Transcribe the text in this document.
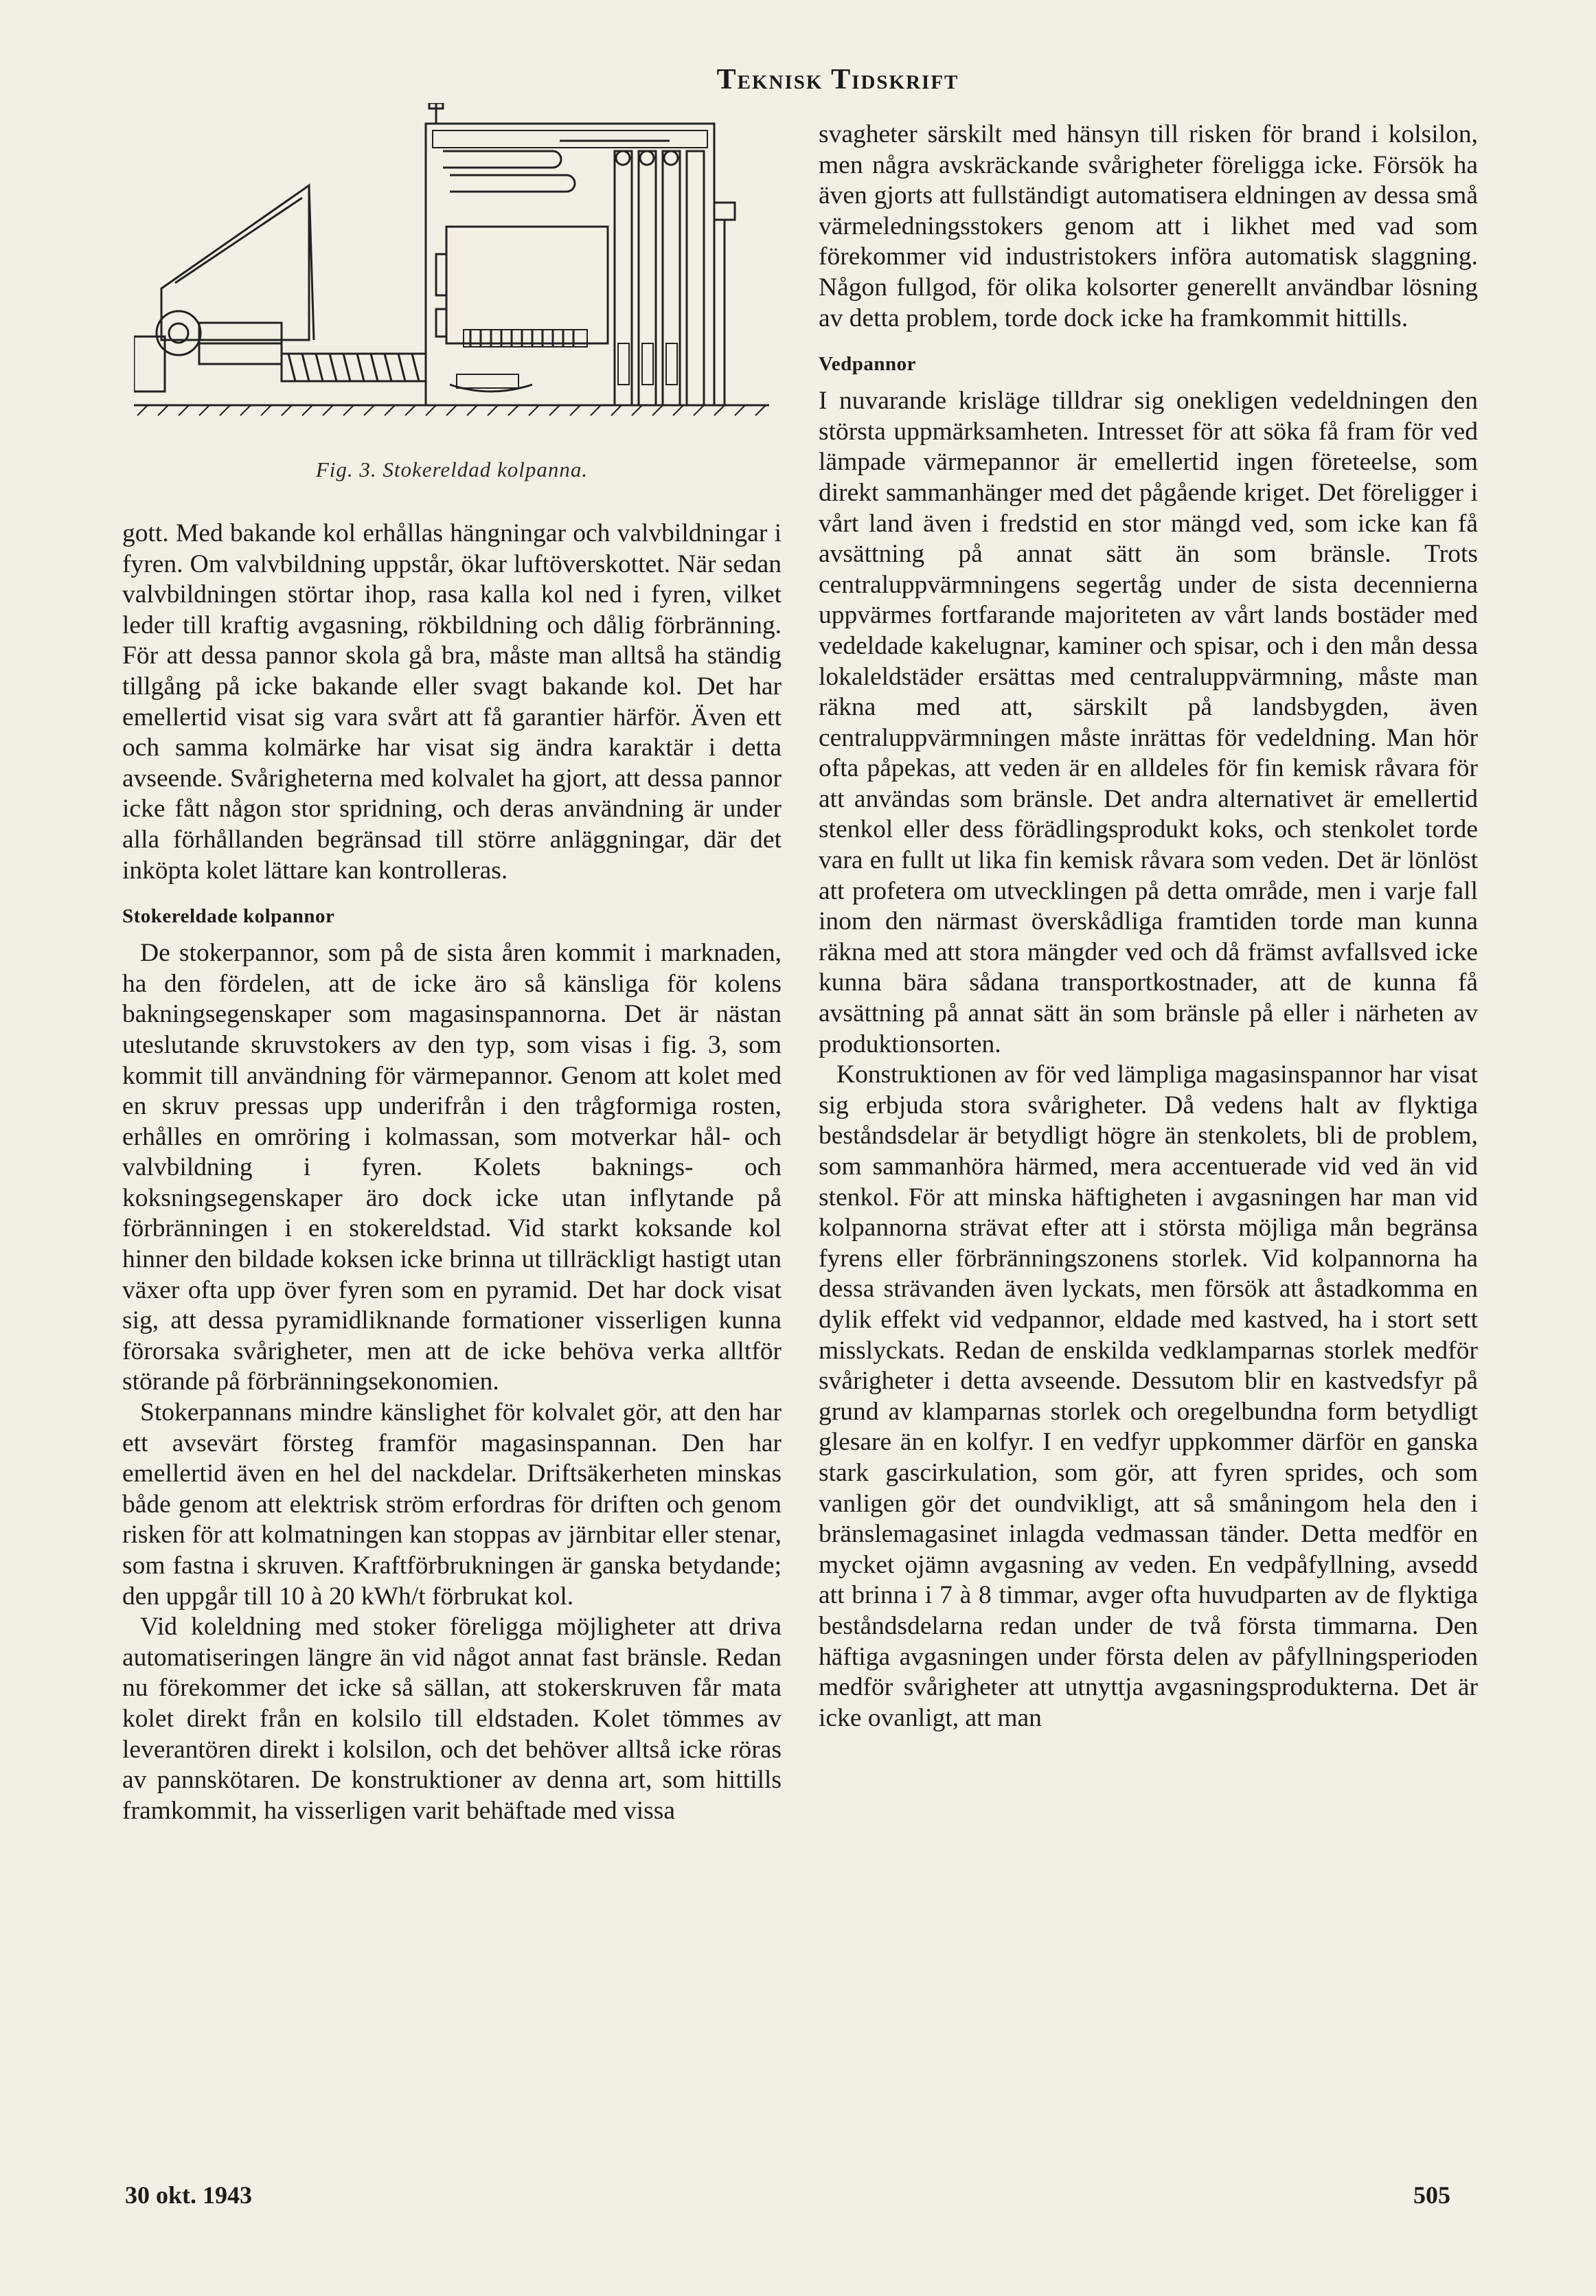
Teknisk Tidskrift
Fig. 3. Stokereldad kolpanna.

gott. Med bakande kol erhållas hängningar och valvbildningar i fyren. Om valvbildning uppstår, ökar luftöverskottet. När sedan valvbildningen störtar ihop, rasa kalla kol ned i fyren, vilket leder till kraftig avgasning, rökbildning och dålig förbränning. För att dessa pannor skola gå bra, måste man alltså ha ständig tillgång på icke bakande eller svagt bakande kol. Det har emellertid visat sig vara svårt att få garantier härför. Även ett och samma kolmärke har visat sig ändra karaktär i detta avseende. Svårigheterna med kolvalet ha gjort, att dessa pannor icke fått någon stor spridning, och deras användning är under alla förhållanden begränsad till större anläggningar, där det inköpta kolet lättare kan kontrolleras.

Stokereldade kolpannor

De stokerpannor, som på de sista åren kommit i marknaden, ha den fördelen, att de icke äro så känsliga för kolens bakningsegenskaper som magasinspannorna. Det är nästan uteslutande skruvstokers av den typ, som visas i fig. 3, som kommit till användning för värmepannor. Genom att kolet med en skruv pressas upp underifrån i den trågformiga rosten, erhålles en omröring i kolmassan, som motverkar hål- och valvbildning i fyren. Kolets baknings- och koksningsegenskaper äro dock icke utan inflytande på förbränningen i en stokereldstad. Vid starkt koksande kol hinner den bildade koksen icke brinna ut tillräckligt hastigt utan växer ofta upp över fyren som en pyramid. Det har dock visat sig, att dessa pyramidliknande formationer visserligen kunna förorsaka svårigheter, men att de icke behöva verka alltför störande på förbränningsekonomien.

Stokerpannans mindre känslighet för kolvalet gör, att den har ett avsevärt försteg framför magasinspannan. Den har emellertid även en hel del nackdelar. Driftsäkerheten minskas både genom att elektrisk ström erfordras för driften och genom risken för att kolmatningen kan stoppas av järnbitar eller stenar, som fastna i skruven. Kraftförbrukningen är ganska betydande; den uppgår till 10 à 20 kWh/t förbrukat kol.

Vid koleldning med stoker föreligga möjligheter att driva automatiseringen längre än vid något annat fast bränsle. Redan nu förekommer det icke så sällan, att stokerskruven får mata kolet direkt från en kolsilo till eldstaden. Kolet tömmes av leverantören direkt i kolsilon, och det behöver alltså icke röras av pannskötaren. De konstruktioner av denna art, som hittills framkommit, ha visserligen varit behäftade med vissa

svagheter särskilt med hänsyn till risken för brand i kolsilon, men några avskräckande svårigheter föreligga icke. Försök ha även gjorts att fullständigt automatisera eldningen av dessa små värmeledningsstokers genom att i likhet med vad som förekommer vid industristokers införa automatisk slaggning. Någon fullgod, för olika kolsorter generellt användbar lösning av detta problem, torde dock icke ha framkommit hittills.

Vedpannor

I nuvarande krisläge tilldrar sig onekligen vedeldningen den största uppmärksamheten. Intresset för att söka få fram för ved lämpade värmepannor är emellertid ingen företeelse, som direkt sammanhänger med det pågående kriget. Det föreligger i vårt land även i fredstid en stor mängd ved, som icke kan få avsättning på annat sätt än som bränsle. Trots centraluppvärmningens segertåg under de sista decennierna uppvärmes fortfarande majoriteten av vårt lands bostäder med vedeldade kakelugnar, kaminer och spisar, och i den mån dessa lokaleldstäder ersättas med centraluppvärmning, måste man räkna med att, särskilt på landsbygden, även centraluppvärmningen måste inrättas för vedeldning. Man hör ofta påpekas, att veden är en alldeles för fin kemisk råvara för att användas som bränsle. Det andra alternativet är emellertid stenkol eller dess förädlingsprodukt koks, och stenkolet torde vara en fullt ut lika fin kemisk råvara som veden. Det är lönlöst att profetera om utvecklingen på detta område, men i varje fall inom den närmast överskådliga framtiden torde man kunna räkna med att stora mängder ved och då främst avfallsved icke kunna bära sådana transportkostnader, att de kunna få avsättning på annat sätt än som bränsle på eller i närheten av produktionsorten.

Konstruktionen av för ved lämpliga magasinspannor har visat sig erbjuda stora svårigheter. Då vedens halt av flyktiga beståndsdelar är betydligt högre än stenkolets, bli de problem, som sammanhöra härmed, mera accentuerade vid ved än vid stenkol. För att minska häftigheten i avgasningen har man vid kolpannorna strävat efter att i största möjliga mån begränsa fyrens eller förbränningszonens storlek. Vid kolpannorna ha dessa strävanden även lyckats, men försök att åstadkomma en dylik effekt vid vedpannor, eldade med kastved, ha i stort sett misslyckats. Redan de enskilda vedklamparnas storlek medför svårigheter i detta avseende. Dessutom blir en kastvedsfyr på grund av klamparnas storlek och oregelbundna form betydligt glesare än en kolfyr. I en vedfyr uppkommer därför en ganska stark gascirkulation, som gör, att fyren sprides, och som vanligen gör det oundvikligt, att så småningom hela den i bränslemagasinet inlagda vedmassan tänder. Detta medför en mycket ojämn avgasning av veden. En vedpåfyllning, avsedd att brinna i 7 à 8 timmar, avger ofta huvudparten av de flyktiga beståndsdelarna redan under de två första timmarna. Den häftiga avgasningen under första delen av påfyllningsperioden medför svårigheter att utnyttja avgasningsprodukterna. Det är icke ovanligt, att man

30 okt. 1943	505
